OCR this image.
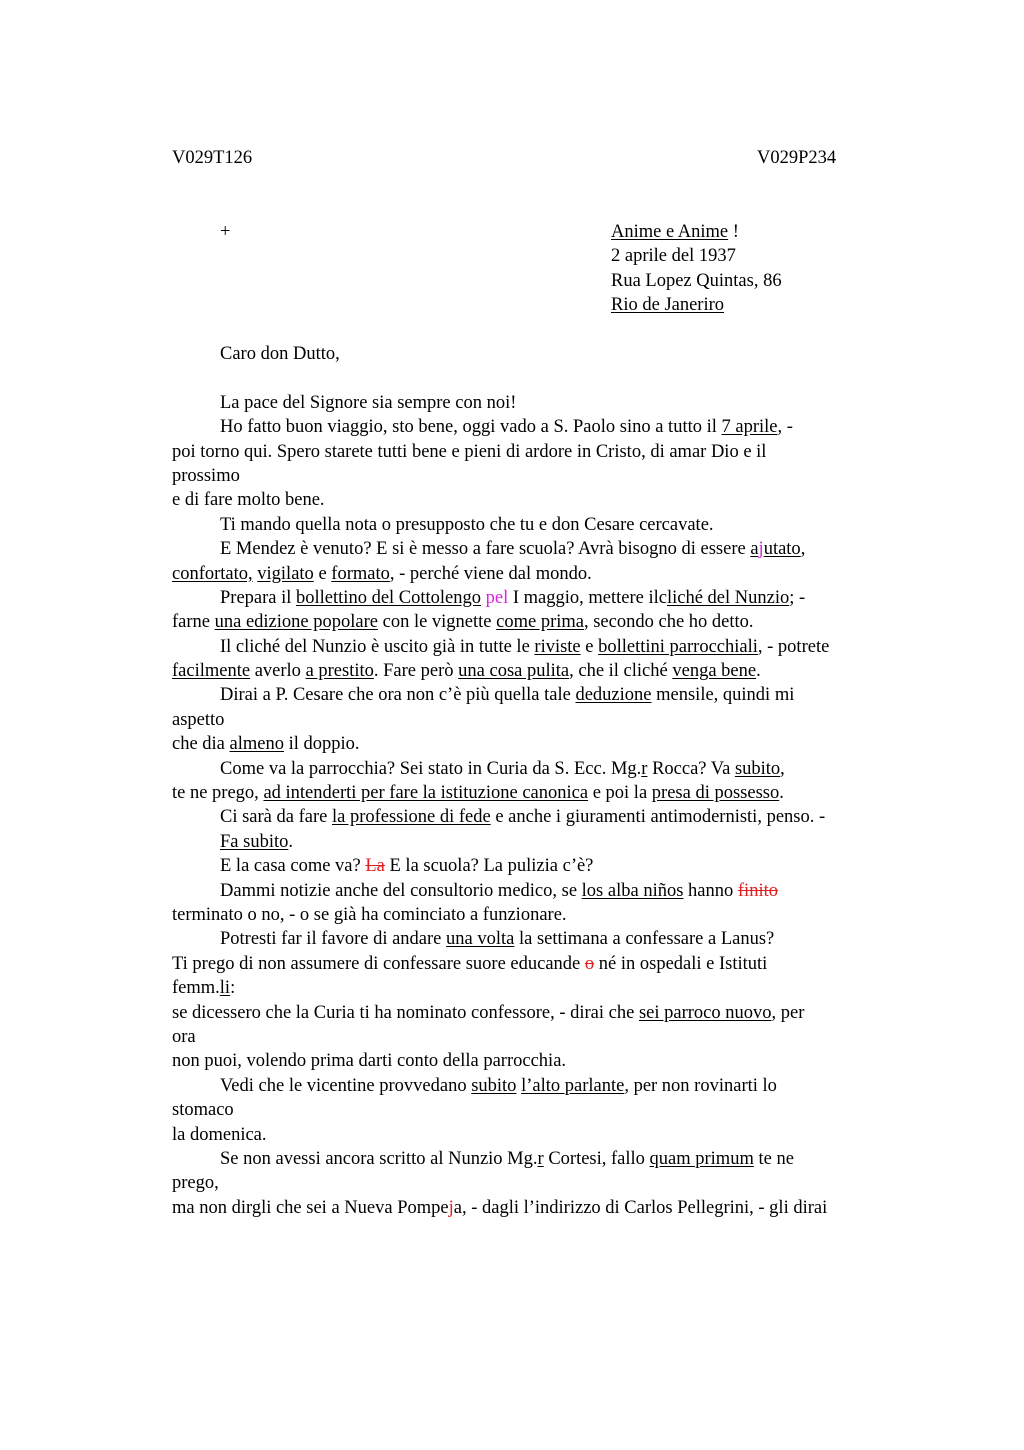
V029T126	V029P234
+	Anime e Anime !
2 aprile del 1937
Rua Lopez Quintas, 86
Rio de Janeriro
Caro don Dutto,
La pace del Signore sia sempre con noi!
Ho fatto buon viaggio, sto bene, oggi vado a S. Paolo sino a tutto il 7 aprile, -
poi torno qui. Spero starete tutti bene e pieni di ardore in Cristo, di amar Dio e il
prossimo
e di fare molto bene.
Ti mando quella nota o presupposto che tu e don Cesare cercavate.
E Mendez è venuto? E si è messo a fare scuola? Avrà bisogno di essere ajutato,
confortato, vigilato e formato, - perché viene dal mondo.
Prepara il bollettino del Cottolengo pel I maggio, mettere ilcliché del Nunzio; -
farne una edizione popolare con le vignette come prima, secondo che ho detto.
Il cliché del Nunzio è uscito già in tutte le riviste e bollettini parrocchiali, - potrete
facilmente averlo a prestito. Fare però una cosa pulita, che il cliché venga bene.
Dirai a P. Cesare che ora non c’è più quella tale deduzione mensile, quindi mi
aspetto
che dia almeno il doppio.
Come va la parrocchia? Sei stato in Curia da S. Ecc. Mg.r Rocca? Va subito,
te ne prego, ad intenderti per fare la istituzione canonica e poi la presa di possesso.
Ci sarà da fare la professione di fede e anche i giuramenti antimodernisti, penso. -
Fa subito.
E la casa come va? La E la scuola? La pulizia c’è?
Dammi notizie anche del consultorio medico, se los alba niños hanno finito
terminato o no, - o se già ha cominciato a funzionare.
Potresti far il favore di andare una volta la settimana a confessare a Lanus?
Ti prego di non assumere di confessare suore educande o né in ospedali e Istituti
femm.li:
se dicessero che la Curia ti ha nominato confessore, - dirai che sei parroco nuovo, per
ora
non puoi, volendo prima darti conto della parrocchia.
Vedi che le vicentine provvedano subito l’alto parlante, per non rovinarti lo
stomaco
la domenica.
Se non avessi ancora scritto al Nunzio Mg.r Cortesi, fallo quam primum te ne
prego,
ma non dirgli che sei a Nueva Pompeja, - dagli l’indirizzo di Carlos Pellegrini, - gli dirai
